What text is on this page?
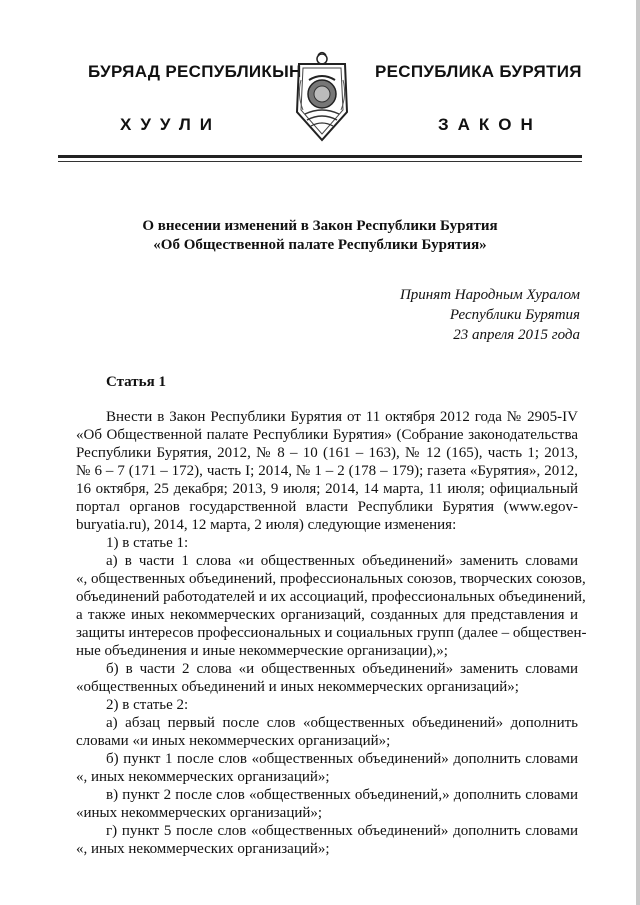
БУРЯАД РЕСПУБЛИКЫН	РЕСПУБЛИКА БУРЯТИЯ
ХУУЛИ	ЗАКОН
О внесении изменений в Закон Республики Бурятия
«Об Общественной палате Республики Бурятия»
Принят Народным Хуралом
Республики Бурятия
23 апреля 2015 года
Статья 1
Внести в Закон Республики Бурятия от 11 октября 2012 года № 2905-IV
«Об Общественной палате Республики Бурятия» (Собрание законодательства
Республики Бурятия, 2012, № 8 – 10 (161 – 163), № 12 (165), часть 1; 2013,
№ 6 – 7 (171 – 172), часть I; 2014, № 1 – 2 (178 – 179); газета «Бурятия», 2012,
16 октября, 25 декабря; 2013, 9 июля; 2014, 14 марта, 11 июля; официальный
портал органов государственной власти Республики Бурятия (www.egov-
buryatia.ru), 2014, 12 марта, 2 июля) следующие изменения:
1) в статье 1:
а) в части 1 слова «и общественных объединений» заменить словами
«, общественных объединений, профессиональных союзов, творческих союзов,
объединений работодателей и их ассоциаций, профессиональных объединений,
а также иных некоммерческих организаций, созданных для представления и
защиты интересов профессиональных и социальных групп (далее – обществен-
ные объединения и иные некоммерческие организации),»;
б) в части 2 слова «и общественных объединений» заменить словами
«общественных объединений и иных некоммерческих организаций»;
2) в статье 2:
а) абзац первый после слов «общественных объединений» дополнить
словами «и иных некоммерческих организаций»;
б) пункт 1 после слов «общественных объединений» дополнить словами
«, иных некоммерческих организаций»;
в) пункт 2 после слов «общественных объединений,» дополнить словами
«иных некоммерческих организаций»;
г) пункт 5 после слов «общественных объединений» дополнить словами
«, иных некоммерческих организаций»;
